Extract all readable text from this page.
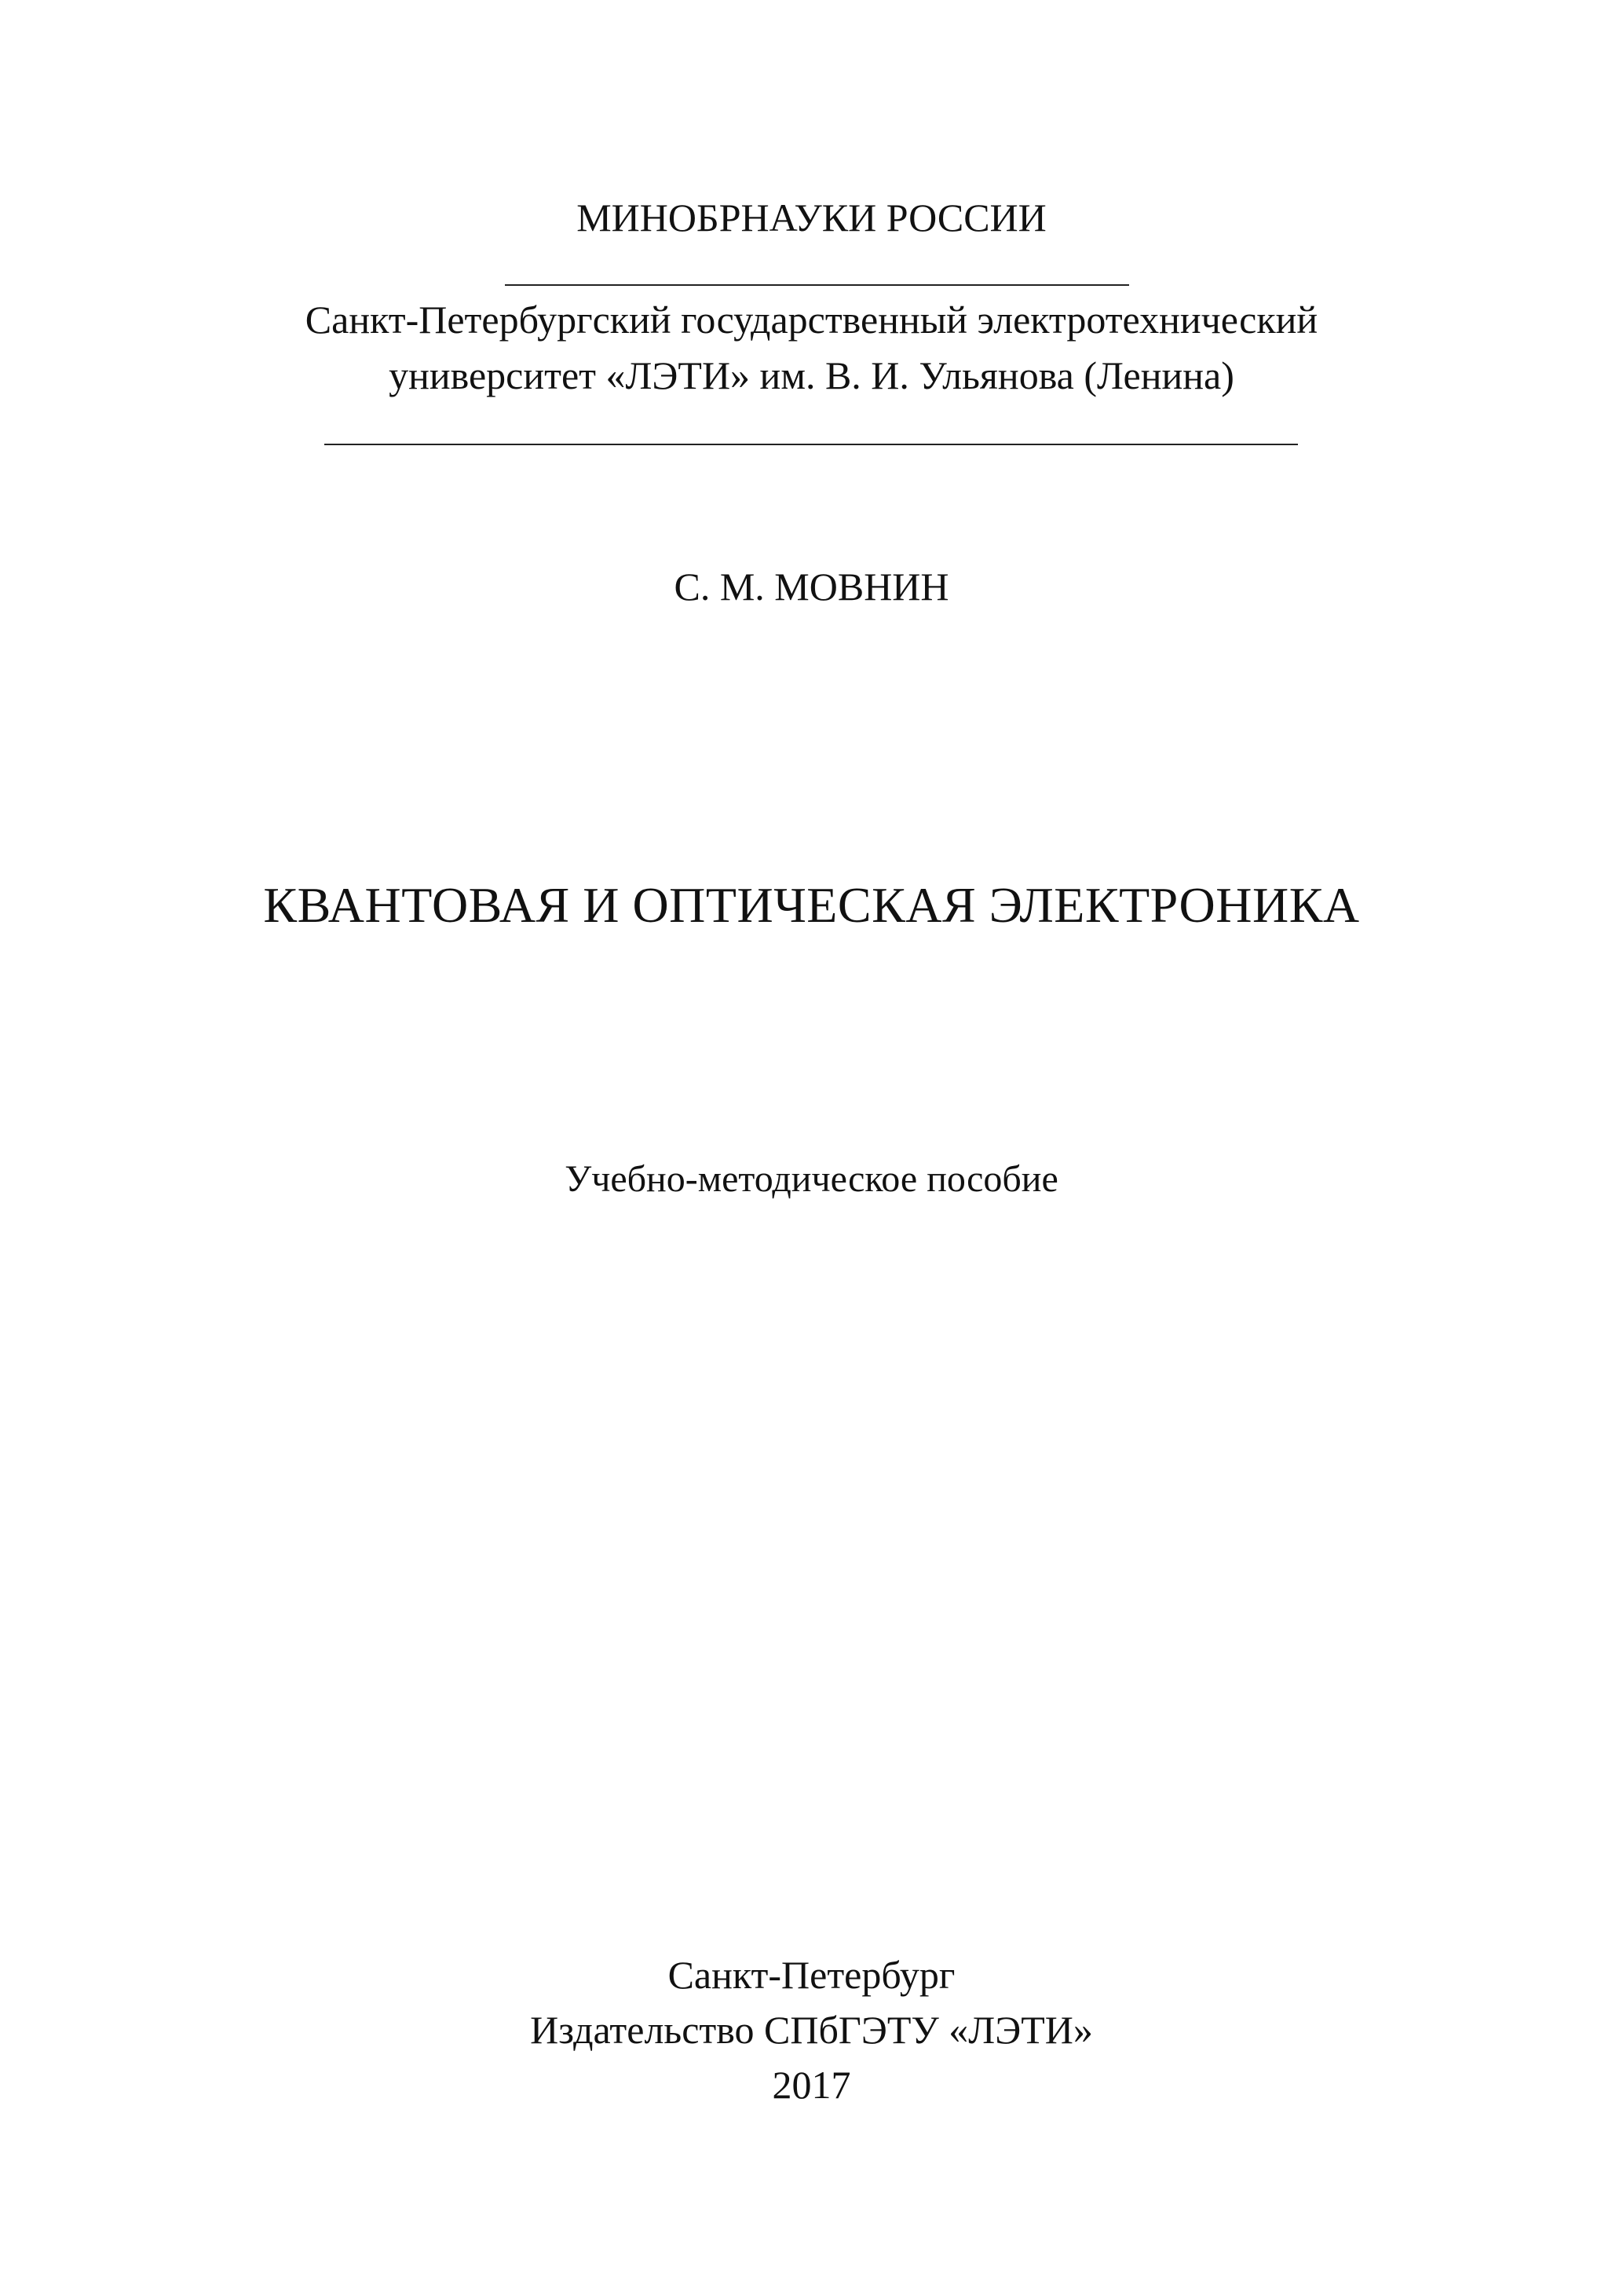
МИНОБРНАУКИ РОССИИ
Санкт-Петербургский государственный электротехнический
университет «ЛЭТИ» им. В. И. Ульянова (Ленина)
С. М. МОВНИН
КВАНТОВАЯ И ОПТИЧЕСКАЯ ЭЛЕКТРОНИКА
Учебно-методическое пособие
Санкт-Петербург
Издательство СПбГЭТУ «ЛЭТИ»
2017
